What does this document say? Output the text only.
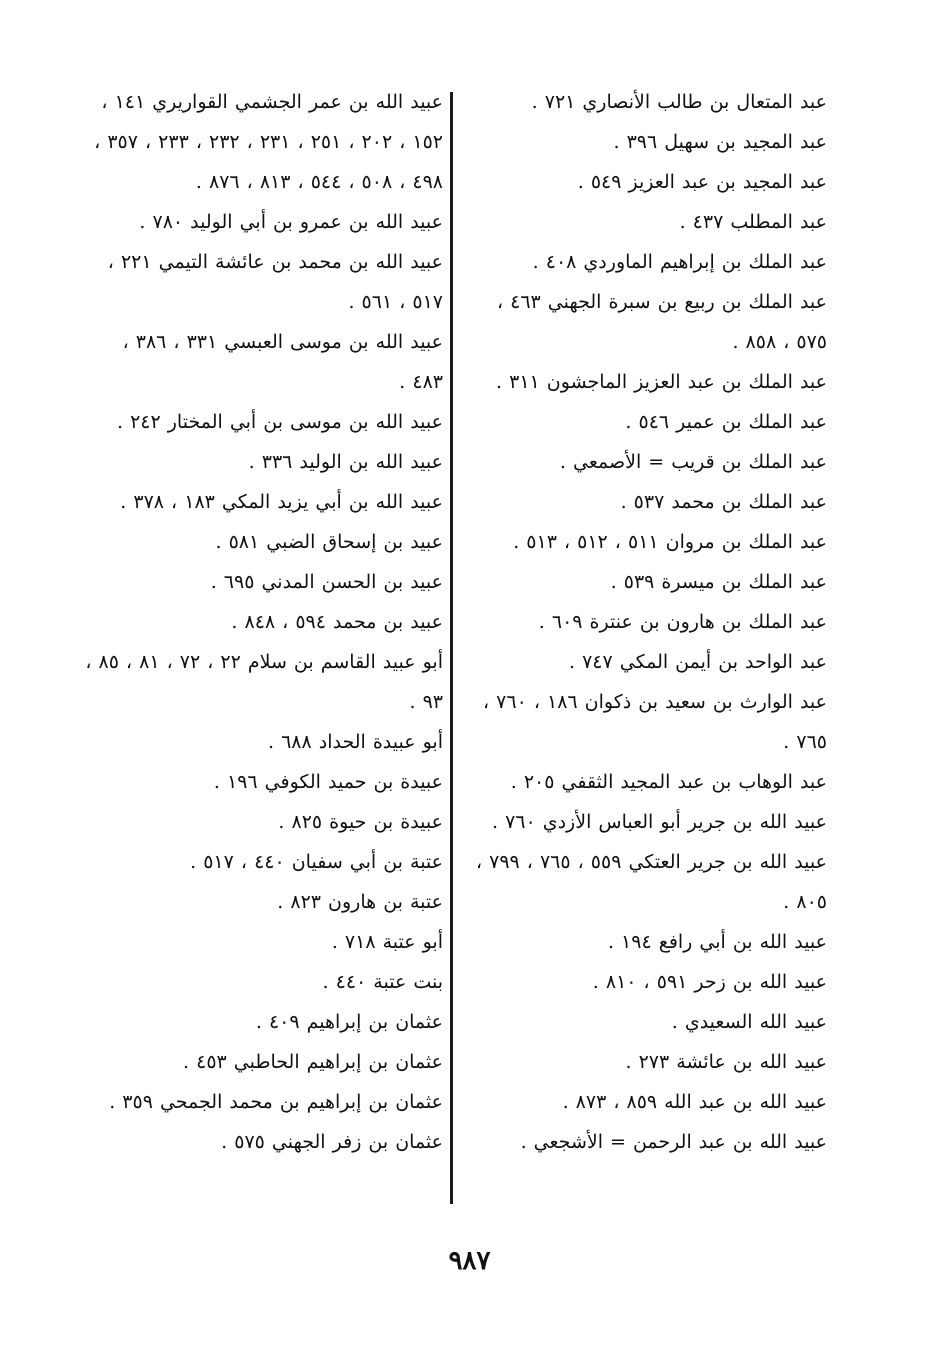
عبد المتعال بن طالب الأنصاري ٧٢١ .

عبد المجيد بن سهيل ٣٩٦ .

عبد المجيد بن عبد العزيز ٥٤٩ .

عبد المطلب ٤٣٧ .

عبد الملك بن إبراهيم الماوردي ٤٠٨ .

عبد الملك بن ربيع بن سبرة الجهني ٤٦٣ ، ٥٧٥ ، ٨٥٨ .

عبد الملك بن عبد العزيز الماجشون ٣١١ .

عبد الملك بن عمير ٥٤٦ .

عبد الملك بن قريب = الأصمعي .

عبد الملك بن محمد ٥٣٧ .

عبد الملك بن مروان ٥١١ ، ٥١٢ ، ٥١٣ .

عبد الملك بن ميسرة ٥٣٩ .

عبد الملك بن هارون بن عنترة ٦٠٩ .

عبد الواحد بن أيمن المكي ٧٤٧ .

عبد الوارث بن سعيد بن ذكوان ١٨٦ ، ٧٦٠ ، ٧٦٥ .

عبد الوهاب بن عبد المجيد الثقفي ٢٠٥ .

عبيد الله بن جرير أبو العباس الأزدي ٧٦٠ .

عبيد الله بن جرير العتكي ٥٥٩ ، ٧٦٥ ، ٧٩٩ ، ٨٠٥ .

عبيد الله بن أبي رافع ١٩٤ .

عبيد الله بن زحر ٥٩١ ، ٨١٠ .

عبيد الله السعيدي .

عبيد الله بن عائشة ٢٧٣ .

عبيد الله بن عبد الله ٨٥٩ ، ٨٧٣ .

عبيد الله بن عبد الرحمن = الأشجعي .

عبيد الله بن عمر الجشمي القواريري ١٤١ ، ١٥٢ ، ٢٠٢ ، ٢٥١ ، ٢٣١ ، ٢٣٢ ، ٢٣٣ ، ٣٥٧ ، ٤٩٨ ، ٥٠٨ ، ٥٤٤ ، ٨١٣ ، ٨٧٦ .

عبيد الله بن عمرو بن أبي الوليد ٧٨٠ .

عبيد الله بن محمد بن عائشة التيمي ٢٢١ ، ٥١٧ ، ٥٦١ .

عبيد الله بن موسى العبسي ٣٣١ ، ٣٨٦ ، ٤٨٣ .

عبيد الله بن موسى بن أبي المختار ٢٤٢ .

عبيد الله بن الوليد ٣٣٦ .

عبيد الله بن أبي يزيد المكي ١٨٣ ، ٣٧٨ .

عبيد بن إسحاق الضبي ٥٨١ .

عبيد بن الحسن المدني ٦٩٥ .

عبيد بن محمد ٥٩٤ ، ٨٤٨ .

أبو عبيد القاسم بن سلام ٢٢ ، ٧٢ ، ٨١ ، ٨٥ ، ٩٣ .

أبو عبيدة الحداد ٦٨٨ .

عبيدة بن حميد الكوفي ١٩٦ .

عبيدة بن حيوة ٨٢٥ .

عتبة بن أبي سفيان ٤٤٠ ، ٥١٧ .

عتبة بن هارون ٨٢٣ .

أبو عتبة ٧١٨ .

بنت عتبة ٤٤٠ .

عثمان بن إبراهيم ٤٠٩ .

عثمان بن إبراهيم الحاطبي ٤٥٣ .

عثمان بن إبراهيم بن محمد الجمحي ٣٥٩ .

عثمان بن زفر الجهني ٥٧٥ .

٩٨٧
